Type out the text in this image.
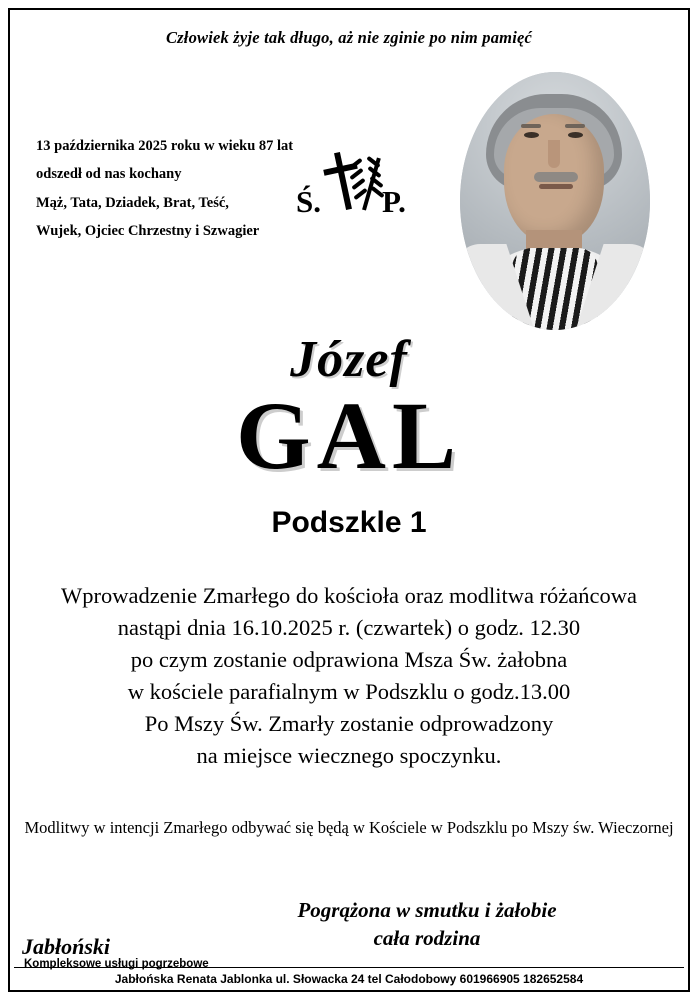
Człowiek żyje tak długo, aż nie zginie po nim pamięć
13 października 2025 roku w wieku 87 lat
odszedł od nas kochany
Mąż, Tata, Dziadek, Brat, Teść,
Wujek, Ojciec Chrzestny i Szwagier
Ś. P.
Józef
GAL
Podszkle 1
Wprowadzenie Zmarłego do kościoła oraz modlitwa różańcowa
nastąpi dnia 16.10.2025 r. (czwartek) o godz. 12.30
po czym zostanie odprawiona Msza Św. żałobna
w kościele parafialnym w Podszklu o godz.13.00
Po Mszy Św. Zmarły zostanie odprowadzony
na miejsce wiecznego spoczynku.
Modlitwy w intencji Zmarłego odbywać się będą w Kościele w Podszklu po Mszy św. Wieczornej
Pogrążona w smutku i żałobie
cała rodzina
Jabłoński
Kompleksowe usługi pogrzebowe
Jabłońska Renata Jablonka ul. Słowacka 24 tel Całodobowy 601966905 182652584
